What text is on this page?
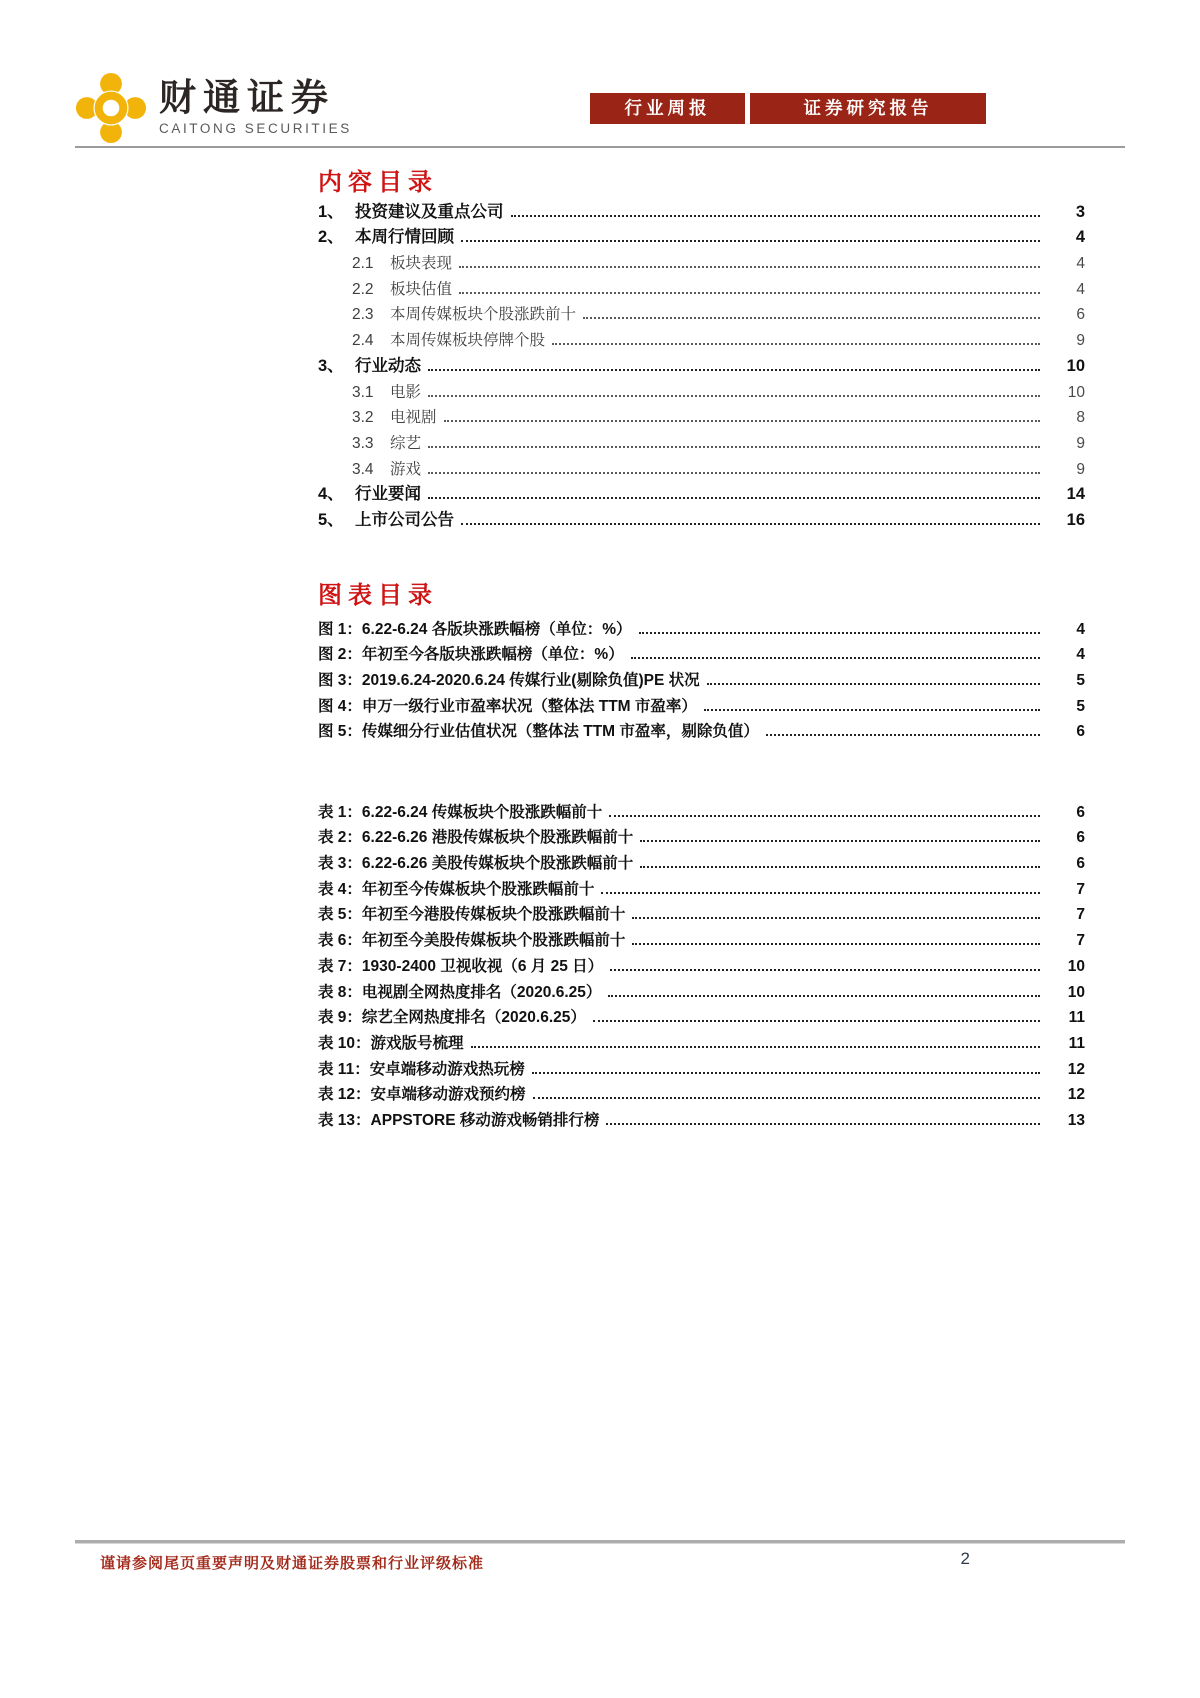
财通证券
CAITONG SECURITIES
行业周报	证券研究报告
内容目录
1、 投资建议及重点公司	3
2、 本周行情回顾	4
2.1	板块表现	4
2.2	板块估值	4
2.3	本周传媒板块个股涨跌前十	6
2.4	本周传媒板块停牌个股	9
3、 行业动态	10
3.1	电影	10
3.2	电视剧	8
3.3	综艺	9
3.4	游戏	9
4、 行业要闻	14
5、 上市公司公告	16
图表目录
图 1：6.22-6.24 各版块涨跌幅榜（单位：%）	4
图 2：年初至今各版块涨跌幅榜（单位：%）	4
图 3：2019.6.24-2020.6.24 传媒行业(剔除负值)PE 状况	5
图 4：申万一级行业市盈率状况（整体法 TTM 市盈率）	5
图 5：传媒细分行业估值状况（整体法 TTM 市盈率，剔除负值）	6
表 1：6.22-6.24 传媒板块个股涨跌幅前十	6
表 2：6.22-6.26 港股传媒板块个股涨跌幅前十	6
表 3：6.22-6.26 美股传媒板块个股涨跌幅前十	6
表 4：年初至今传媒板块个股涨跌幅前十	7
表 5：年初至今港股传媒板块个股涨跌幅前十	7
表 6：年初至今美股传媒板块个股涨跌幅前十	7
表 7：1930-2400 卫视收视（6 月 25 日）	10
表 8：电视剧全网热度排名（2020.6.25）	10
表 9：综艺全网热度排名（2020.6.25）	11
表 10：游戏版号梳理	11
表 11：安卓端移动游戏热玩榜	12
表 12：安卓端移动游戏预约榜	12
表 13：APPSTORE 移动游戏畅销排行榜	13
谨请参阅尾页重要声明及财通证券股票和行业评级标准	2
